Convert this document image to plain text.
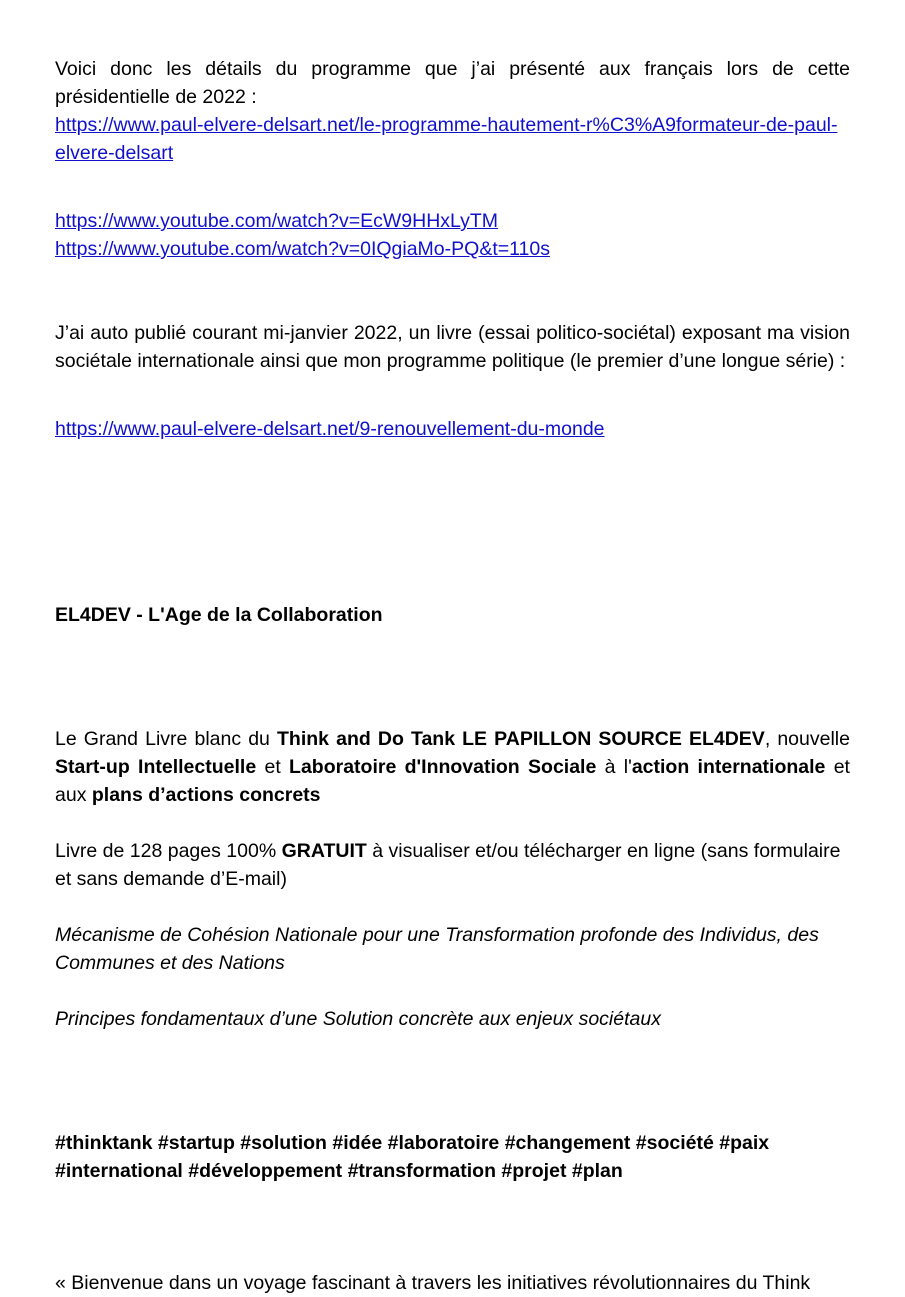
Voici donc les détails du programme que j’ai présenté aux français lors de cette présidentielle de 2022 :

https://www.paul-elvere-delsart.net/le-programme-hautement-r%C3%A9formateur-de-paul-elvere-delsart
https://www.youtube.com/watch?v=EcW9HHxLyTM
https://www.youtube.com/watch?v=0IQgiaMo-PQ&t=110s

J’ai auto publié courant mi-janvier 2022, un livre (essai politico-sociétal) exposant ma vision sociétale internationale ainsi que mon programme politique (le premier d’une longue série) :

https://www.paul-elvere-delsart.net/9-renouvellement-du-monde

EL4DEV - L'Age de la Collaboration

Le Grand Livre blanc du Think and Do Tank LE PAPILLON SOURCE EL4DEV, nouvelle Start-up Intellectuelle et Laboratoire d'Innovation Sociale à l'action internationale et aux plans d’actions concrets

Livre de 128 pages 100% GRATUIT à visualiser et/ou télécharger en ligne (sans formulaire et sans demande d’E-mail)

Mécanisme de Cohésion Nationale pour une Transformation profonde des Individus, des Communes et des Nations

Principes fondamentaux d’une Solution concrète aux enjeux sociétaux

#thinktank #startup #solution #idée #laboratoire #changement #société #paix

#international #développement #transformation #projet #plan

« Bienvenue dans un voyage fascinant à travers les initiatives révolutionnaires du Think
